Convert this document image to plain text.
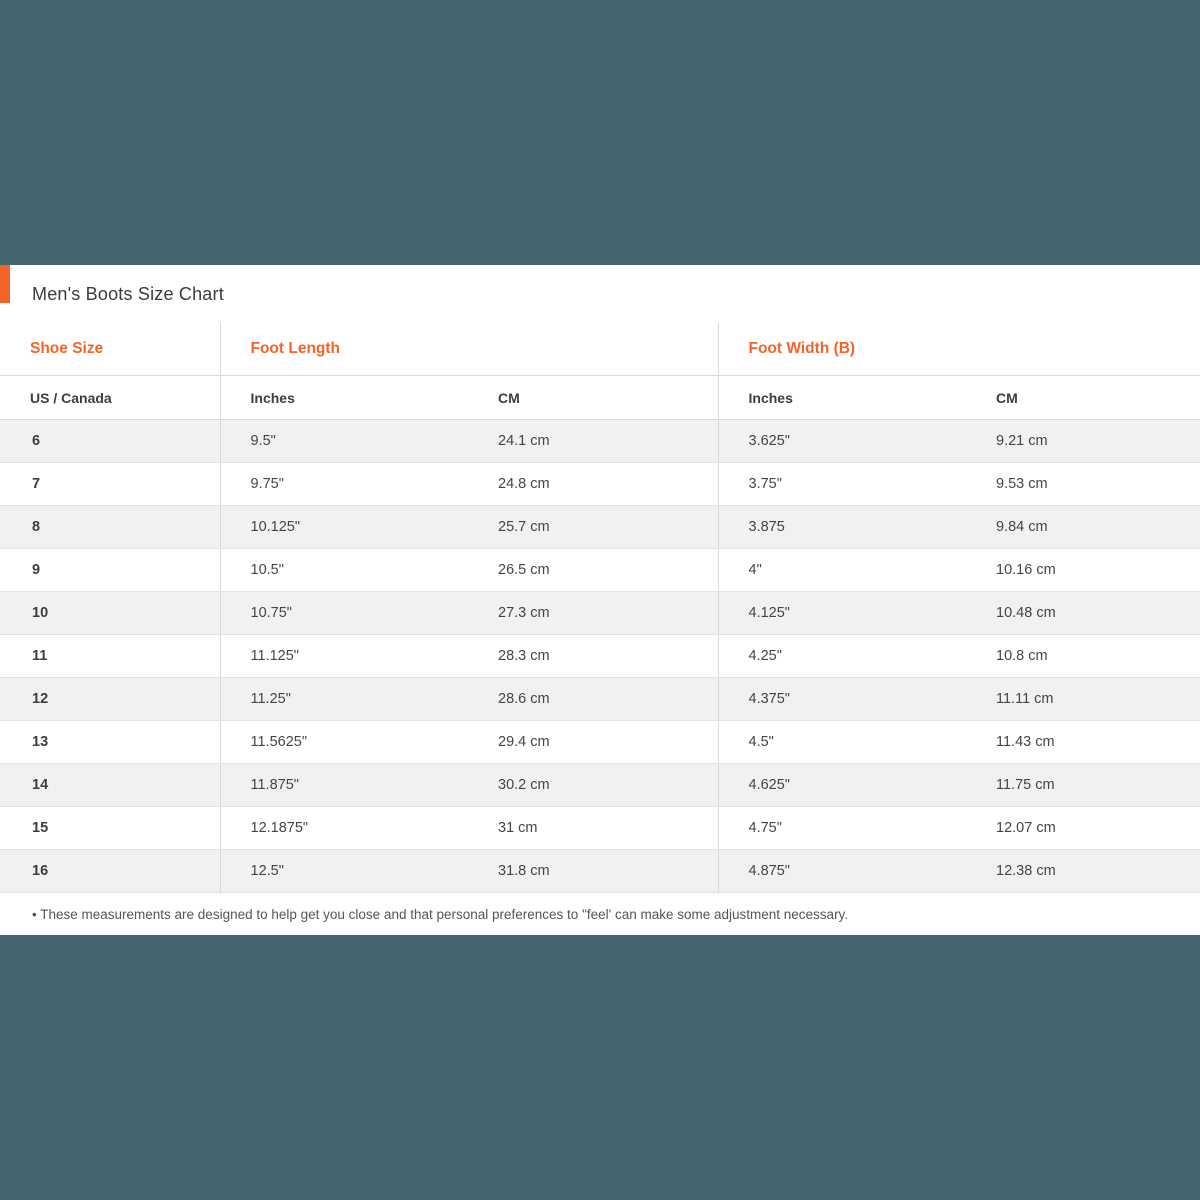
Men's Boots Size Chart
Shoe Size	Foot Length		Foot Width (B)	
US / Canada	Inches	CM	Inches	CM
6	9.5"	24.1 cm	3.625"	9.21 cm
7	9.75"	24.8 cm	3.75"	9.53 cm
8	10.125"	25.7 cm	3.875	9.84 cm
9	10.5"	26.5 cm	4"	10.16 cm
10	10.75"	27.3 cm	4.125"	10.48 cm
11	11.125"	28.3 cm	4.25"	10.8 cm
12	11.25"	28.6 cm	4.375"	11.11 cm
13	11.5625"	29.4 cm	4.5"	11.43 cm
14	11.875"	30.2 cm	4.625"	11.75 cm
15	12.1875"	31 cm	4.75"	12.07 cm
16	12.5"	31.8 cm	4.875"	12.38 cm
• These measurements are designed to help get you close and that personal preferences to "feel' can make some adjustment necessary.
